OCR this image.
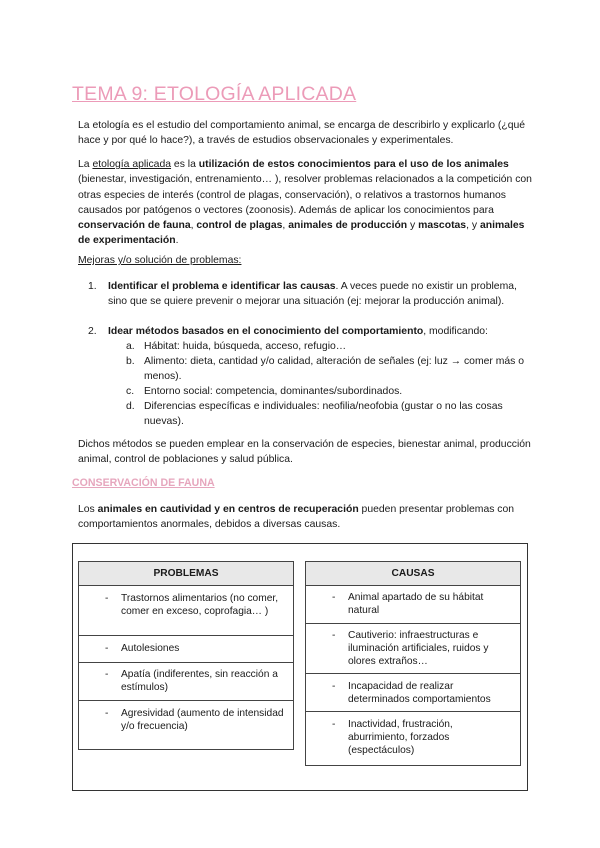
TEMA 9: ETOLOGÍA APLICADA

La etología es el estudio del comportamiento animal, se encarga de describirlo y explicarlo (¿qué hace y por qué lo hace?), a través de estudios observacionales y experimentales.

La etología aplicada es la utilización de estos conocimientos para el uso de los animales (bienestar, investigación, entrenamiento… ), resolver problemas relacionados a la competición con otras especies de interés (control de plagas, conservación), o relativos a trastornos humanos causados por patógenos o vectores (zoonosis). Además de aplicar los conocimientos para conservación de fauna, control de plagas, animales de producción y mascotas, y animales de experimentación.

Mejoras y/o solución de problemas:
1.	Identificar el problema e identificar las causas. A veces puede no existir un problema, sino que se quiere prevenir o mejorar una situación (ej: mejorar la producción animal).
2.	Idear métodos basados en el conocimiento del comportamiento, modificando:
a. Hábitat: huida, búsqueda, acceso, refugio…
b. Alimento: dieta, cantidad y/o calidad, alteración de señales (ej: luz → comer más o menos).
c. Entorno social: competencia, dominantes/subordinados.
d. Diferencias específicas e individuales: neofilia/neofobia (gustar o no las cosas nuevas).

Dichos métodos se pueden emplear en la conservación de especies, bienestar animal, producción animal, control de poblaciones y salud pública.

CONSERVACIÓN DE FAUNA

Los animales en cautividad y en centros de recuperación pueden presentar problemas con comportamientos anormales, debidos a diversas causas.

PROBLEMAS
- Trastornos alimentarios (no comer, comer en exceso, coprofagia… )
- Autolesiones
- Apatía (indiferentes, sin reacción a estímulos)
- Agresividad (aumento de intensidad y/o frecuencia)
CAUSAS
- Animal apartado de su hábitat natural
- Cautiverio: infraestructuras e iluminación artificiales, ruidos y olores extraños…
- Incapacidad de realizar determinados comportamientos
- Inactividad, frustración, aburrimiento, forzados (espectáculos)
